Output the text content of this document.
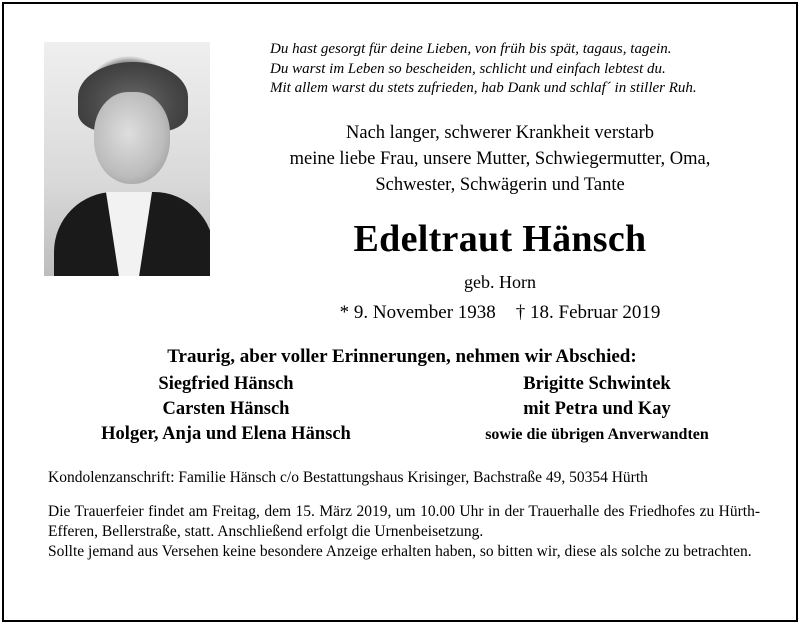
Du hast gesorgt für deine Lieben, von früh bis spät, tagaus, tagein.
Du warst im Leben so bescheiden, schlicht und einfach lebtest du.
Mit allem warst du stets zufrieden, hab Dank und schlaf´ in stiller Ruh.
Nach langer, schwerer Krankheit verstarb
meine liebe Frau, unsere Mutter, Schwiegermutter, Oma,
Schwester, Schwägerin und Tante
Edeltraut Hänsch
geb. Horn
* 9. November 1938 † 18. Februar 2019
Traurig, aber voller Erinnerungen, nehmen wir Abschied:
Siegfried Hänsch
Carsten Hänsch
Holger, Anja und Elena Hänsch
Brigitte Schwintek
mit Petra und Kay
sowie die übrigen Anverwandten
Kondolenzanschrift: Familie Hänsch c/o Bestattungshaus Krisinger, Bachstraße 49, 50354 Hürth

Die Trauerfeier findet am Freitag, dem 15. März 2019, um 10.00 Uhr in der Trauerhalle des Friedhofes zu Hürth-Efferen, Bellerstraße, statt. Anschließend erfolgt die Urnenbeisetzung.

Sollte jemand aus Versehen keine besondere Anzeige erhalten haben, so bitten wir, diese als solche zu betrachten.
